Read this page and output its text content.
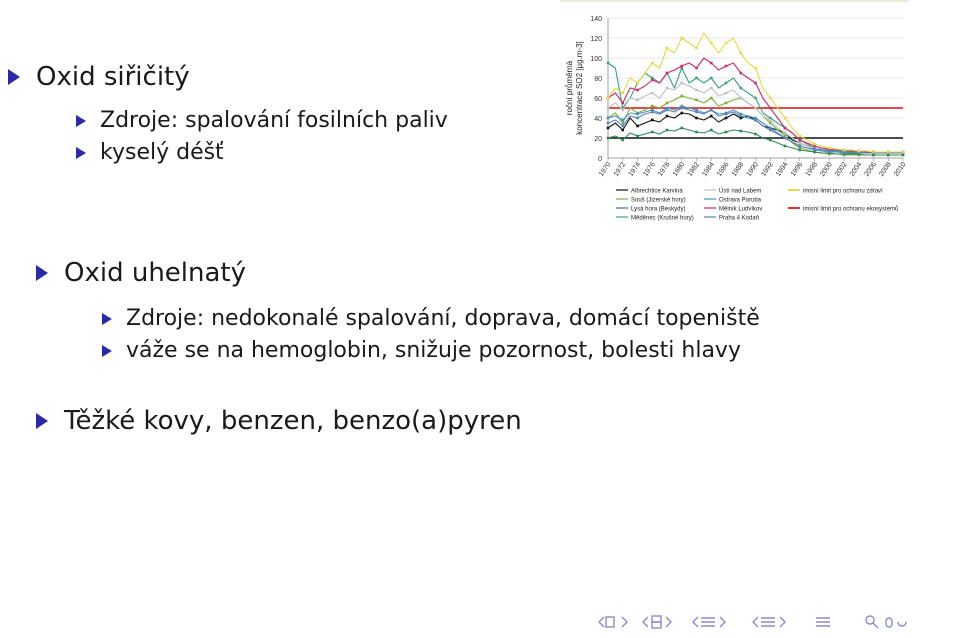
Oxid siřičitý
Zdroje: spalování fosilních paliv
kyselý déšť
Oxid uhelnatý
Zdroje: nedokonalé spalování, doprava, domácí topeniště
váže se na hemoglobin, snižuje pozornost, bolesti hlavy
Těžké kovy, benzen, benzo(a)pyren
0
20
40
60
80
100
120
140
roční průměrná koncentrace SO2 [µg.m-3]
1970 1972 1974 1976 1978 1980 1982 1984 1986 1988 1990 1992 1994 1996 1998 2000 2002 2004 2006 2008 2010
Albrechtice Karviná
Souš (Jizerské hory)
Lysá hora (Beskydy)
Měděnec (Krušné hory)
Ústí nad Labem
Ostrava Poruba
Mělník Ludvíkov
Praha 4 Kodaň
imisní limit pro ochranu zdraví
imisní limit pro ochranu ekosystémů
